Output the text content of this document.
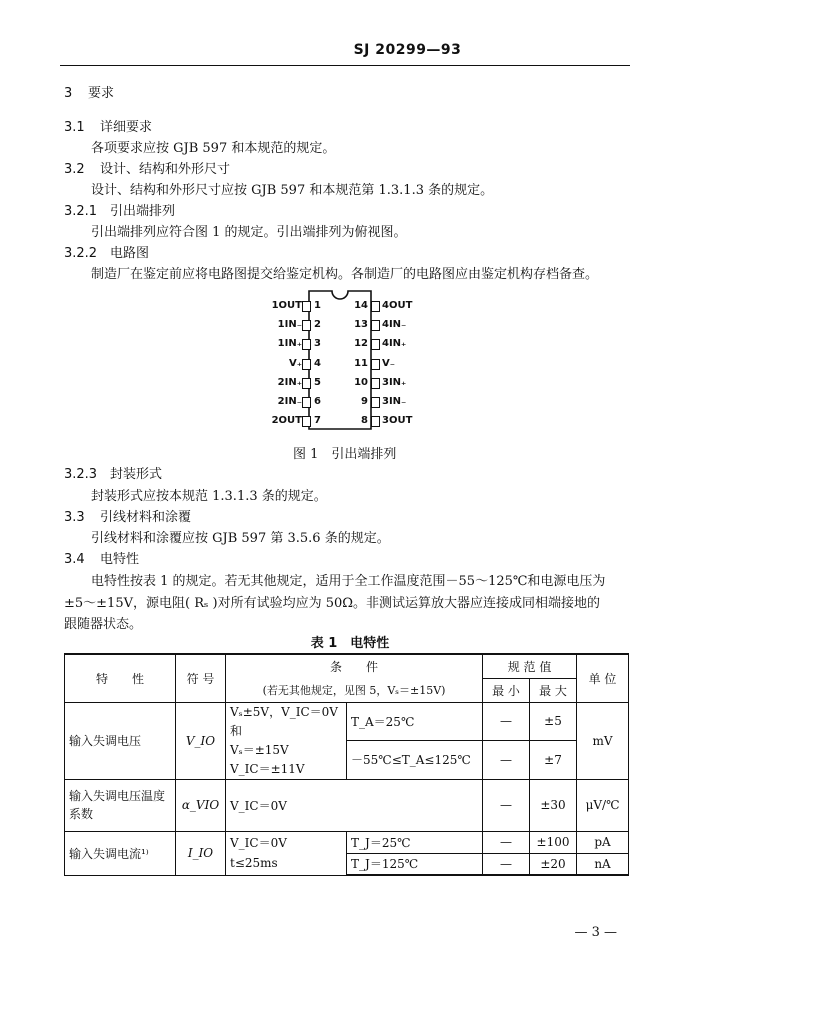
SJ 20299—93
3 要求
3.1 详细要求
各项要求应按 GJB 597 和本规范的规定。
3.2 设计、结构和外形尺寸
设计、结构和外形尺寸应按 GJB 597 和本规范第 1.3.1.3 条的规定。
3.2.1 引出端排列
引出端排列应符合图 1 的规定。引出端排列为俯视图。
3.2.2 电路图
制造厂在鉴定前应将电路图提交给鉴定机构。各制造厂的电路图应由鉴定机构存档备查。
1OUT 1
1IN₋ 2
1IN₊ 3
V₊ 4
2IN₊ 5
2IN₋ 6
2OUT 7
14 4OUT
13 4IN₋
12 4IN₊
11 V₋
10 3IN₊
9 3IN₋
8 3OUT
图 1　引出端排列
3.2.3 封装形式
封装形式应按本规范 1.3.1.3 条的规定。
3.3 引线材料和涂覆
引线材料和涂覆应按 GJB 597 第 3.5.6 条的规定。
3.4 电特性
电特性按表 1 的规定。若无其他规定，适用于全工作温度范围－55～125℃和电源电压为
±5～±15V，源电阻( Rₛ )对所有试验均应为 50Ω。非测试运算放大器应连接成同相端接地的
跟随器状态。
表 1　电特性
特　　性	符 号	条　　件		规 范 值		单 位
		(若无其他规定，见图 5，Vₛ＝±15V)		最 小	最 大	
输入失调电压	V_IO	Vₛ±5V，V_IC＝0V 和
Vₛ＝±15V
V_IC＝±11V	T_A＝25℃	—	±5	mV
			－55℃≤T_A≤125℃	—	±7	
输入失调电压温度系数	α_VIO	V_IC＝0V		—	±30	μV/℃
输入失调电流¹⁾	I_IO	V_IC＝0V
t≤25ms	T_J＝25℃	—	±100	pA
			T_J＝125℃	—	±20	nA
— 3 —
